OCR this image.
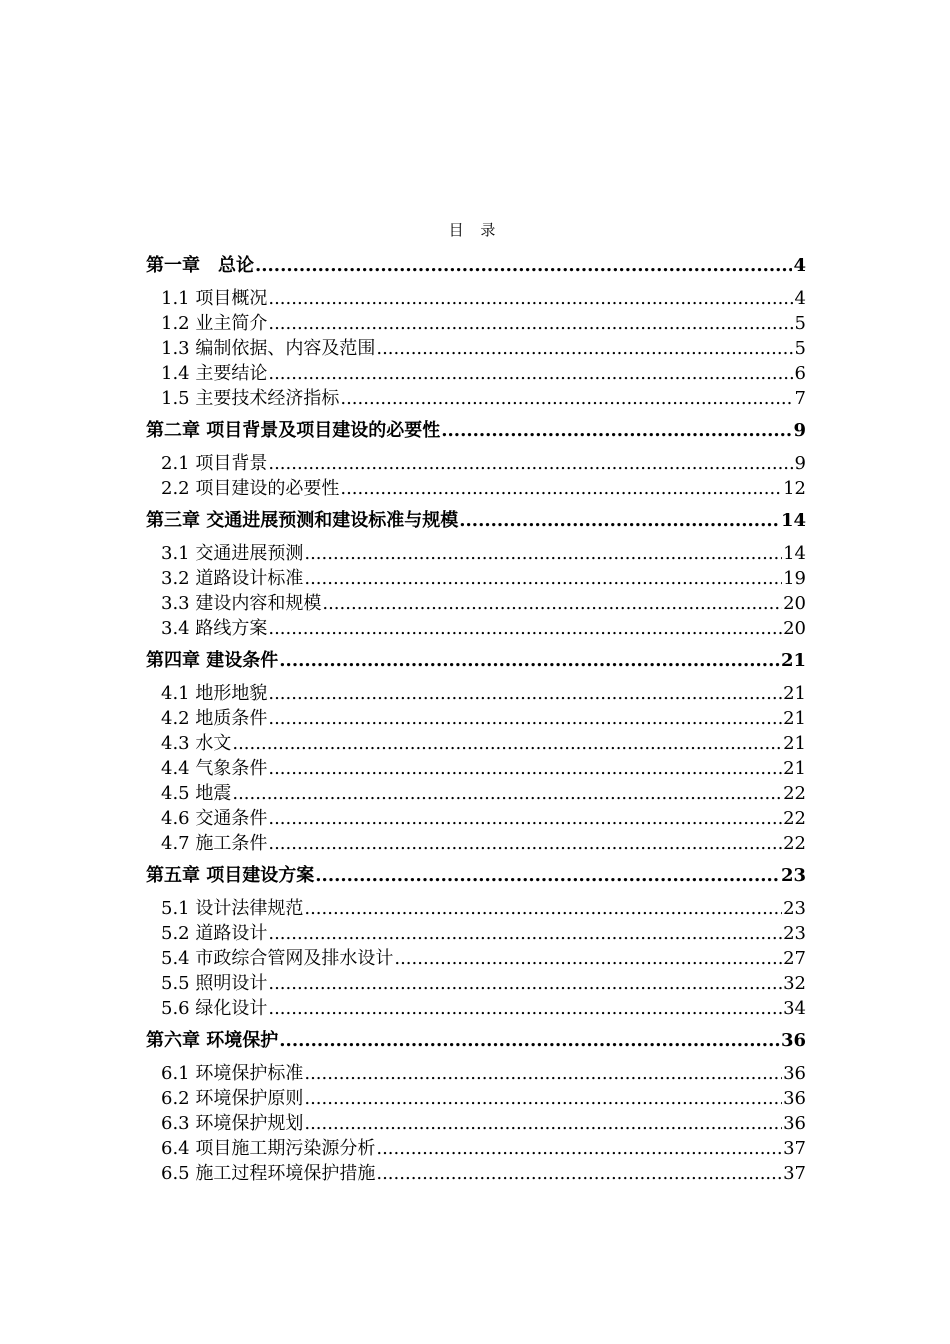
目 录
第一章　总论 .....	4
1.1 项目概况 .....	4
1.2 业主简介 .....	5
1.3 编制依据、内容及范围 .....	5
1.4 主要结论 .....	6
1.5 主要技术经济指标 .....	7
第二章 项目背景及项目建设的必要性 .....	9
2.1 项目背景 .....	9
2.2 项目建设的必要性 .....	12
第三章 交通进展预测和建设标准与规模 .....	14
3.1 交通进展预测 .....	14
3.2 道路设计标准 .....	19
3.3 建设内容和规模 .....	20
3.4 路线方案 .....	20
第四章 建设条件 .....	21
4.1 地形地貌 .....	21
4.2 地质条件 .....	21
4.3 水文 .....	21
4.4 气象条件 .....	21
4.5 地震 .....	22
4.6 交通条件 .....	22
4.7 施工条件 .....	22
第五章 项目建设方案 .....	23
5.1 设计法律规范 .....	23
5.2 道路设计 .....	23
5.4 市政综合管网及排水设计 .....	27
5.5 照明设计 .....	32
5.6 绿化设计 .....	34
第六章 环境保护 .....	36
6.1 环境保护标准 .....	36
6.2 环境保护原则 .....	36
6.3 环境保护规划 .....	36
6.4 项目施工期污染源分析 .....	37
6.5 施工过程环境保护措施 .....	37
